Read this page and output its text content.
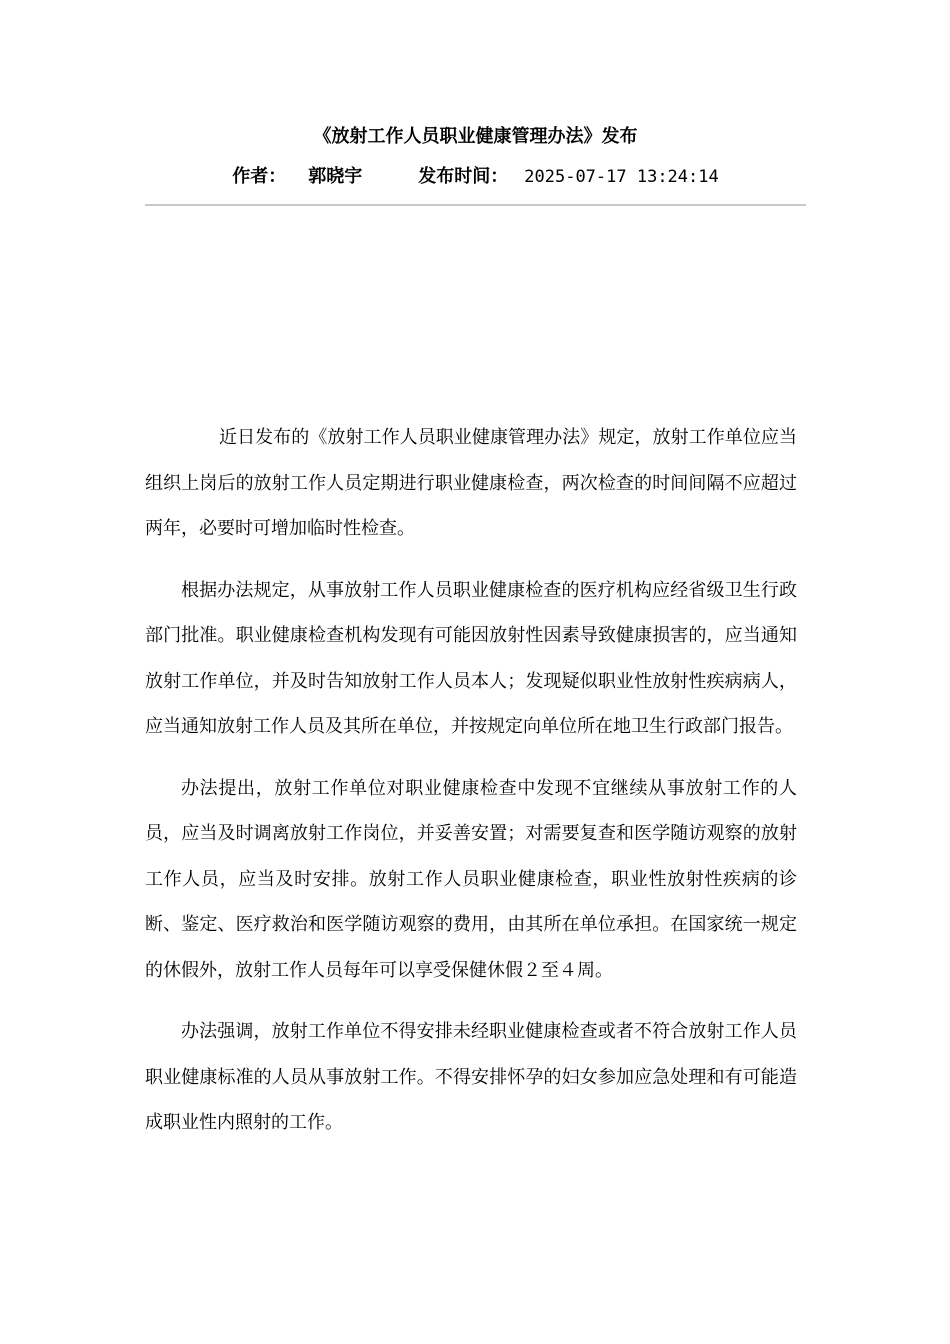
《放射工作人员职业健康管理办法》发布

作者： 郭晓宇	发布时间： 2025-07-17 13:24:14

近日发布的《放射工作人员职业健康管理办法》规定，放射工作单位应当组织上岗后的放射工作人员定期进行职业健康检查，两次检查的时间间隔不应超过两年，必要时可增加临时性检查。

根据办法规定，从事放射工作人员职业健康检查的医疗机构应经省级卫生行政部门批准。职业健康检查机构发现有可能因放射性因素导致健康损害的，应当通知放射工作单位，并及时告知放射工作人员本人；发现疑似职业性放射性疾病病人，应当通知放射工作人员及其所在单位，并按规定向单位所在地卫生行政部门报告。

办法提出，放射工作单位对职业健康检查中发现不宜继续从事放射工作的人员，应当及时调离放射工作岗位，并妥善安置；对需要复查和医学随访观察的放射工作人员，应当及时安排。放射工作人员职业健康检查，职业性放射性疾病的诊断、鉴定、医疗救治和医学随访观察的费用，由其所在单位承担。在国家统一规定的休假外，放射工作人员每年可以享受保健休假２至４周。

办法强调，放射工作单位不得安排未经职业健康检查或者不符合放射工作人员职业健康标准的人员从事放射工作。不得安排怀孕的妇女参加应急处理和有可能造成职业性内照射的工作。
